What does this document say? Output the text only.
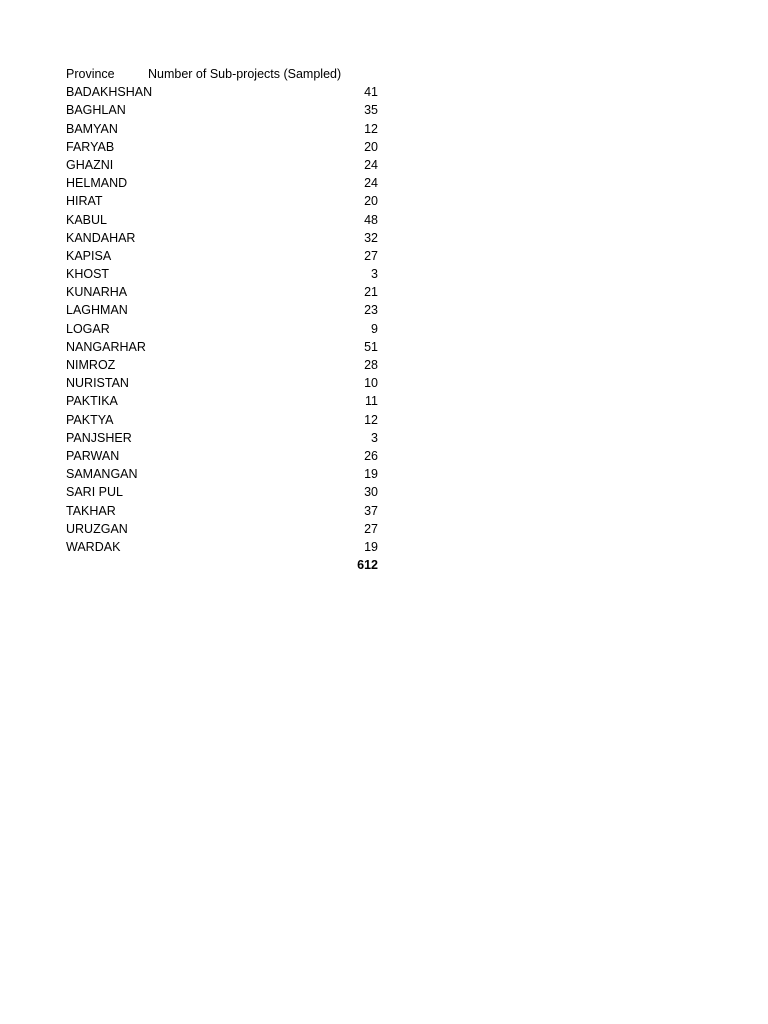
Province	Number of Sub-projects (Sampled)
BADAKHSHAN	41
BAGHLAN	35
BAMYAN	12
FARYAB	20
GHAZNI	24
HELMAND	24
HIRAT	20
KABUL	48
KANDAHAR	32
KAPISA	27
KHOST	3
KUNARHA	21
LAGHMAN	23
LOGAR	9
NANGARHAR	51
NIMROZ	28
NURISTAN	10
PAKTIKA	11
PAKTYA	12
PANJSHER	3
PARWAN	26
SAMANGAN	19
SARI PUL	30
TAKHAR	37
URUZGAN	27
WARDAK	19
612
